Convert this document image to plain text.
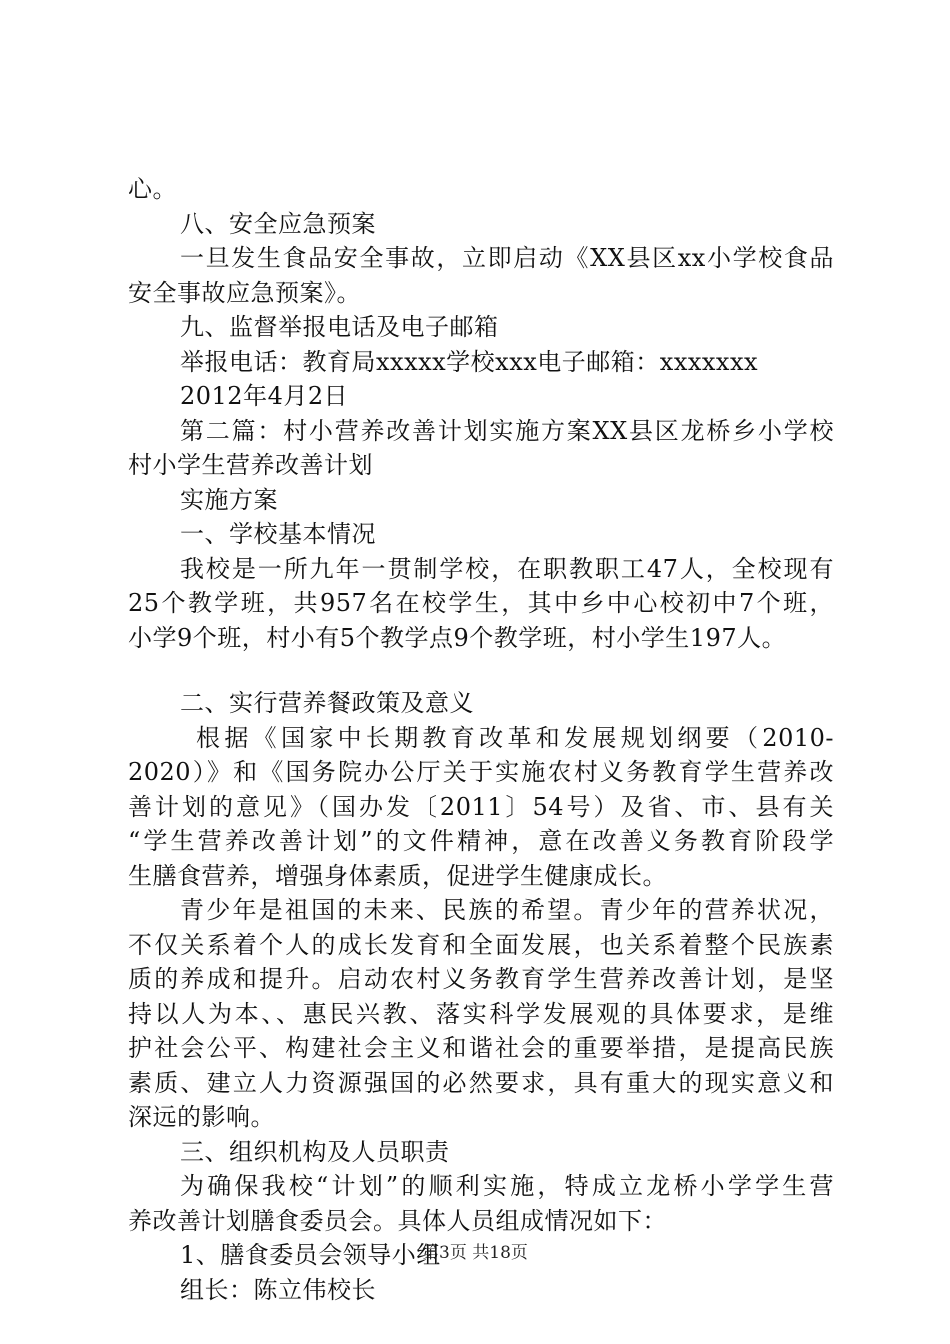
心。
八、安全应急预案
一旦发生食品安全事故，立即启动《XX县区xx小学校食品
安全事故应急预案》。
九、监督举报电话及电子邮箱
举报电话：教育局xxxxx学校xxx电子邮箱：xxxxxxx
2012年4月2日
第二篇：村小营养改善计划实施方案XX县区龙桥乡小学校
村小学生营养改善计划
实施方案
一、学校基本情况
我校是一所九年一贯制学校，在职教职工47人，全校现有
25个教学班，共957名在校学生，其中乡中心校初中7个班，
小学9个班，村小有5个教学点9个教学班，村小学生197人。
二、实行营养餐政策及意义
根据《国家中长期教育改革和发展规划纲要（2010-
2020）》和《国务院办公厅关于实施农村义务教育学生营养改
善计划的意见》（国办发〔2011〕54号）及省、市、县有关
“学生营养改善计划”的文件精神，意在改善义务教育阶段学
生膳食营养，增强身体素质，促进学生健康成长。
青少年是祖国的未来、民族的希望。青少年的营养状况，
不仅关系着个人的成长发育和全面发展，也关系着整个民族素
质的养成和提升。启动农村义务教育学生营养改善计划，是坚
持以人为本、、惠民兴教、落实科学发展观的具体要求，是维
护社会公平、构建社会主义和谐社会的重要举措，是提高民族
素质、建立人力资源强国的必然要求，具有重大的现实意义和
深远的影响。
三、组织机构及人员职责
为确保我校“计划”的顺利实施，特成立龙桥小学学生营
养改善计划膳食委员会。具体人员组成情况如下：
1、膳食委员会领导小组
组长：陈立伟校长
第3页 共18页
